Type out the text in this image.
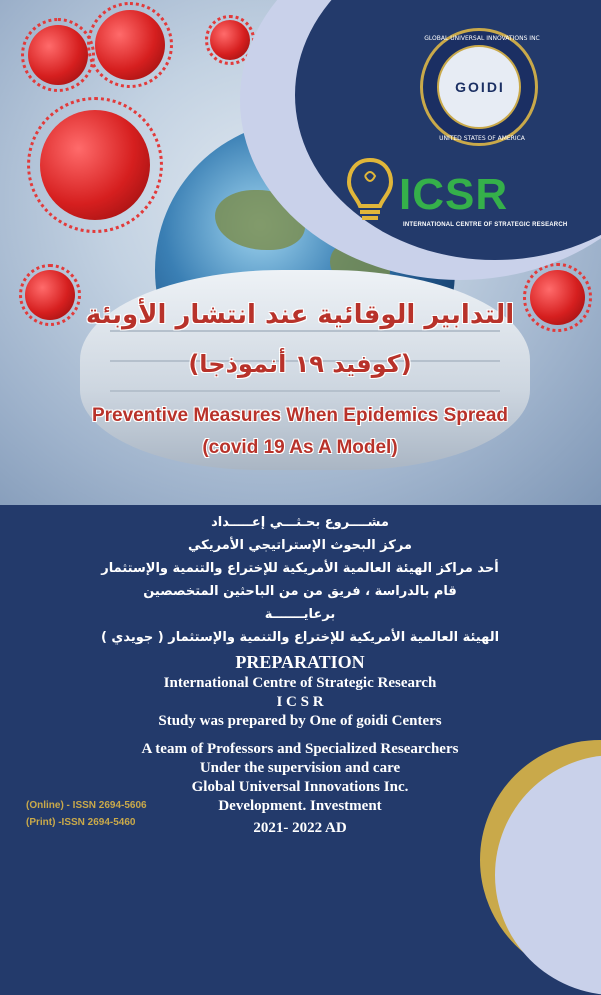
GLOBAL UNIVERSAL INNOVATIONS INC
GOIDI
UNITED STATES OF AMERICA
ICSR
INTERNATIONAL CENTRE OF STRATEGIC RESEARCH
التدابير الوقائية عند انتشار الأوبئة
(كوفيد ١٩ أنموذجا)
Preventive Measures When Epidemics Spread
(covid 19 As A Model)
مشــــروع بحـثـــي إعـــــداد
مركز البحوث الإستراتيجي الأمريكي
أحد مراكز الهيئة العالمية الأمريكية للإختراع والتنمية والإستثمار
قام بالدراسة ، فريق من من الباحثين المتخصصين
برعايـــــــة
الهيئة العالمية الأمريكية للإختراع والتنمية والإستثمار ( جويدي )
PREPARATION
International Centre of Strategic Research
I C S R
Study was prepared by One of goidi Centers
A team of Professors and Specialized Researchers
Under the supervision and care
Global Universal Innovations Inc.
Development. Investment
2021- 2022 AD
(Online) - ISSN 2694-5606
(Print) -ISSN 2694-5460
